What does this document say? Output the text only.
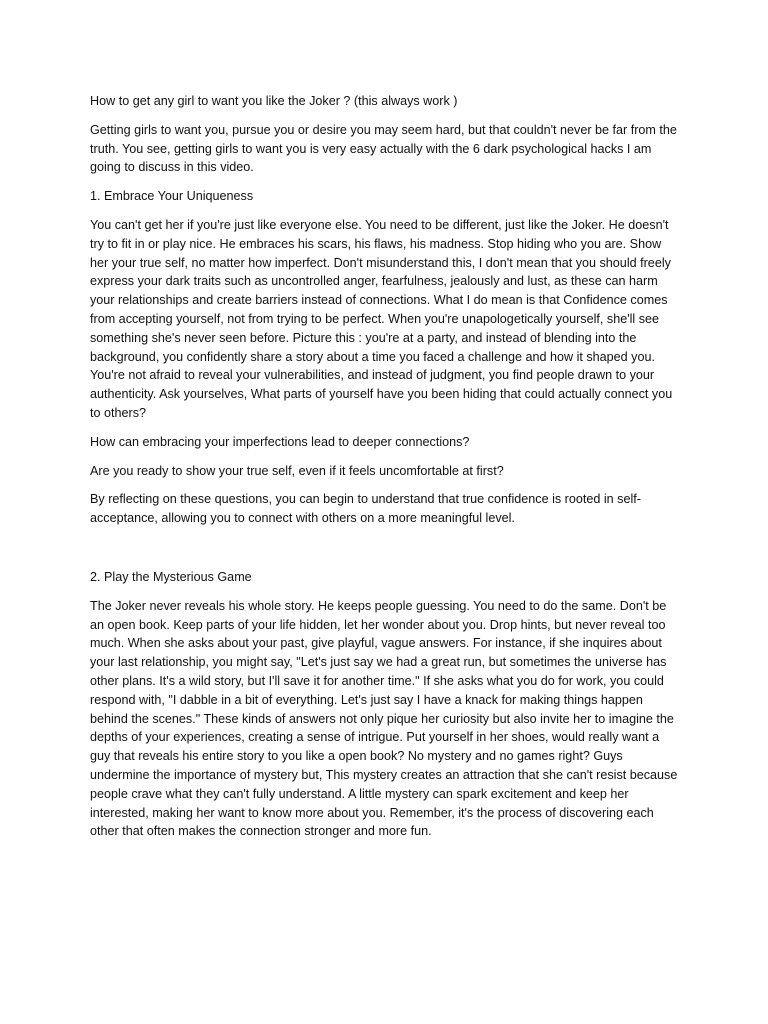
How to get any girl to want you like the Joker ? (this always work )

Getting girls to want you, pursue you or desire you may seem hard, but that couldn't never be far from the truth. You see, getting girls to want you is very easy actually with the 6 dark psychological hacks I am going to discuss in this video.

1. Embrace Your Uniqueness

You can't get her if you're just like everyone else. You need to be different, just like the Joker. He doesn't try to fit in or play nice. He embraces his scars, his flaws, his madness. Stop hiding who you are. Show her your true self, no matter how imperfect. Don't misunderstand this, I don't mean that you should freely express your dark traits such as uncontrolled anger, fearfulness, jealously and lust, as these can harm your relationships and create barriers instead of connections. What I do mean is that Confidence comes from accepting yourself, not from trying to be perfect. When you're unapologetically yourself, she'll see something she's never seen before. Picture this : you're at a party, and instead of blending into the background, you confidently share a story about a time you faced a challenge and how it shaped you. You're not afraid to reveal your vulnerabilities, and instead of judgment, you find people drawn to your authenticity. Ask yourselves, What parts of yourself have you been hiding that could actually connect you to others?

How can embracing your imperfections lead to deeper connections?

Are you ready to show your true self, even if it feels uncomfortable at first?

By reflecting on these questions, you can begin to understand that true confidence is rooted in self-acceptance, allowing you to connect with others on a more meaningful level.

2. Play the Mysterious Game

The Joker never reveals his whole story. He keeps people guessing. You need to do the same. Don't be an open book. Keep parts of your life hidden, let her wonder about you. Drop hints, but never reveal too much. When she asks about your past, give playful, vague answers. For instance, if she inquires about your last relationship, you might say, "Let's just say we had a great run, but sometimes the universe has other plans. It's a wild story, but I'll save it for another time." If she asks what you do for work, you could respond with, "I dabble in a bit of everything. Let's just say I have a knack for making things happen behind the scenes." These kinds of answers not only pique her curiosity but also invite her to imagine the depths of your experiences, creating a sense of intrigue. Put yourself in her shoes, would really want a guy that reveals his entire story to you like a open book? No mystery and no games right? Guys undermine the importance of mystery but, This mystery creates an attraction that she can't resist because people crave what they can't fully understand. A little mystery can spark excitement and keep her interested, making her want to know more about you. Remember, it's the process of discovering each other that often makes the connection stronger and more fun.
